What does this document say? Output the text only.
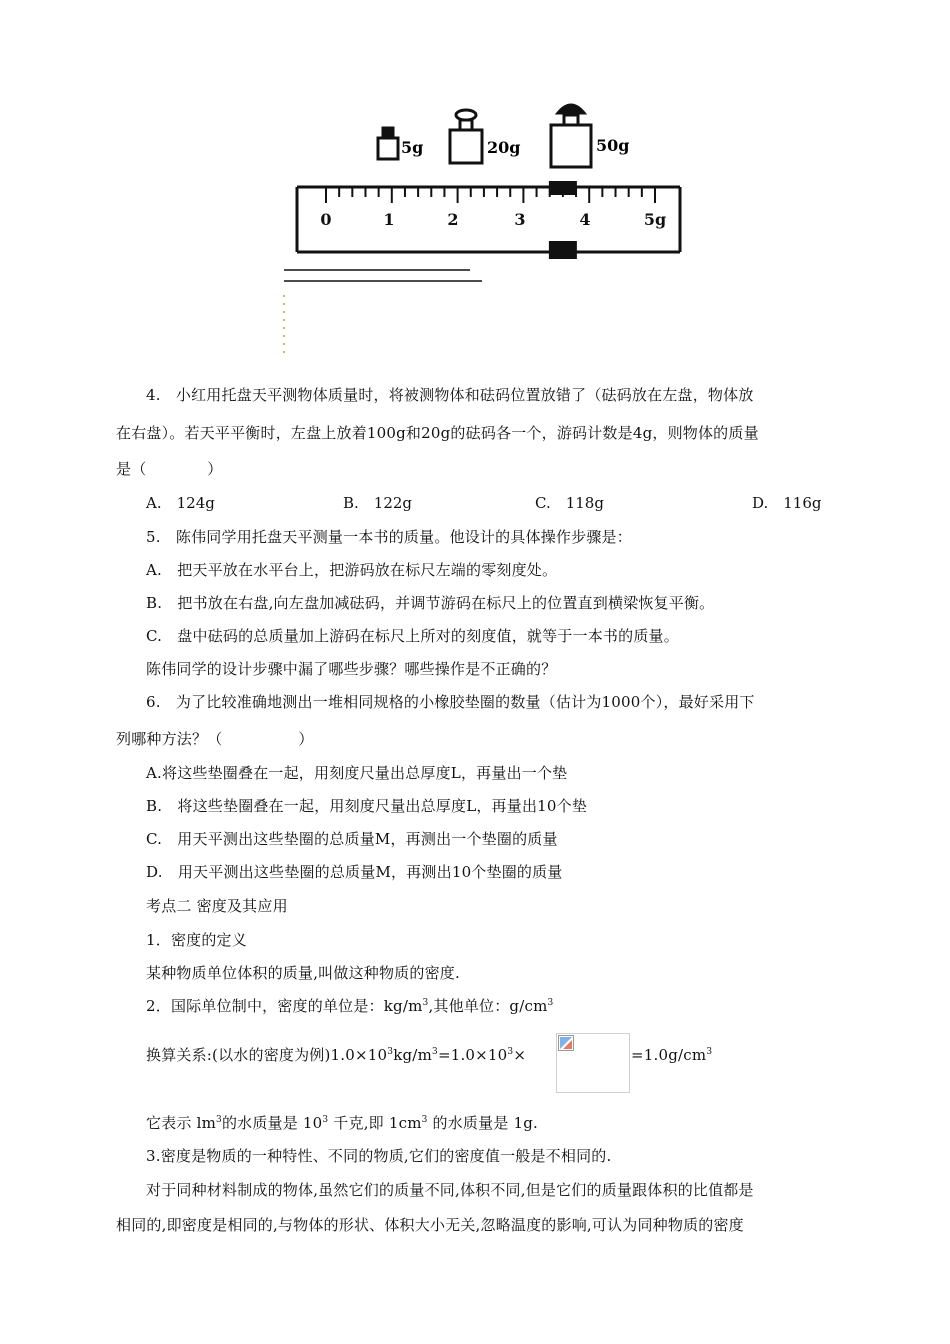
5g	20g	50g
0	1	2	3	4	5g
4.　小红用托盘天平测物体质量时，将被测物体和砝码位置放错了（砝码放在左盘，物体放
在右盘）。若天平平衡时，左盘上放着100g和20g的砝码各一个，游码计数是4g，则物体的质量
是（　　　　）
A.　124g	B.　122g	C.　118g	D.　116g
5.　陈伟同学用托盘天平测量一本书的质量。他设计的具体操作步骤是：
A.　把天平放在水平台上，把游码放在标尺左端的零刻度处。
B.　把书放在右盘,向左盘加减砝码，并调节游码在标尺上的位置直到横梁恢复平衡。
C.　盘中砝码的总质量加上游码在标尺上所对的刻度值，就等于一本书的质量。
陈伟同学的设计步骤中漏了哪些步骤？哪些操作是不正确的？
6.　为了比较准确地测出一堆相同规格的小橡胶垫圈的数量（估计为1000个），最好采用下
列哪种方法？（　　　　　）
A.将这些垫圈叠在一起，用刻度尺量出总厚度L，再量出一个垫
B.　将这些垫圈叠在一起，用刻度尺量出总厚度L，再量出10个垫
C.　用天平测出这些垫圈的总质量M，再测出一个垫圈的质量
D.　用天平测出这些垫圈的总质量M，再测出10个垫圈的质量
考点二 密度及其应用
1．密度的定义
某种物质单位体积的质量,叫做这种物质的密度.
2．国际单位制中，密度的单位是：$kg/m^3$,其他单位：$g/cm^3$
换算关系:(以水的密度为例)$1.0\times 10^3kg/m^3=1.0\times 10^3\times$	$=1.0g/cm^3$
它表示 $lm^3$的水质量是 $10^3$ 千克,即 $1cm^3$ 的水质量是 1g.
3.密度是物质的一种特性、不同的物质,它们的密度值一般是不相同的.
对于同种材料制成的物体,虽然它们的质量不同,体积不同,但是它们的质量跟体积的比值都是
相同的,即密度是相同的,与物体的形状、体积大小无关,忽略温度的影响,可认为同种物质的密度
